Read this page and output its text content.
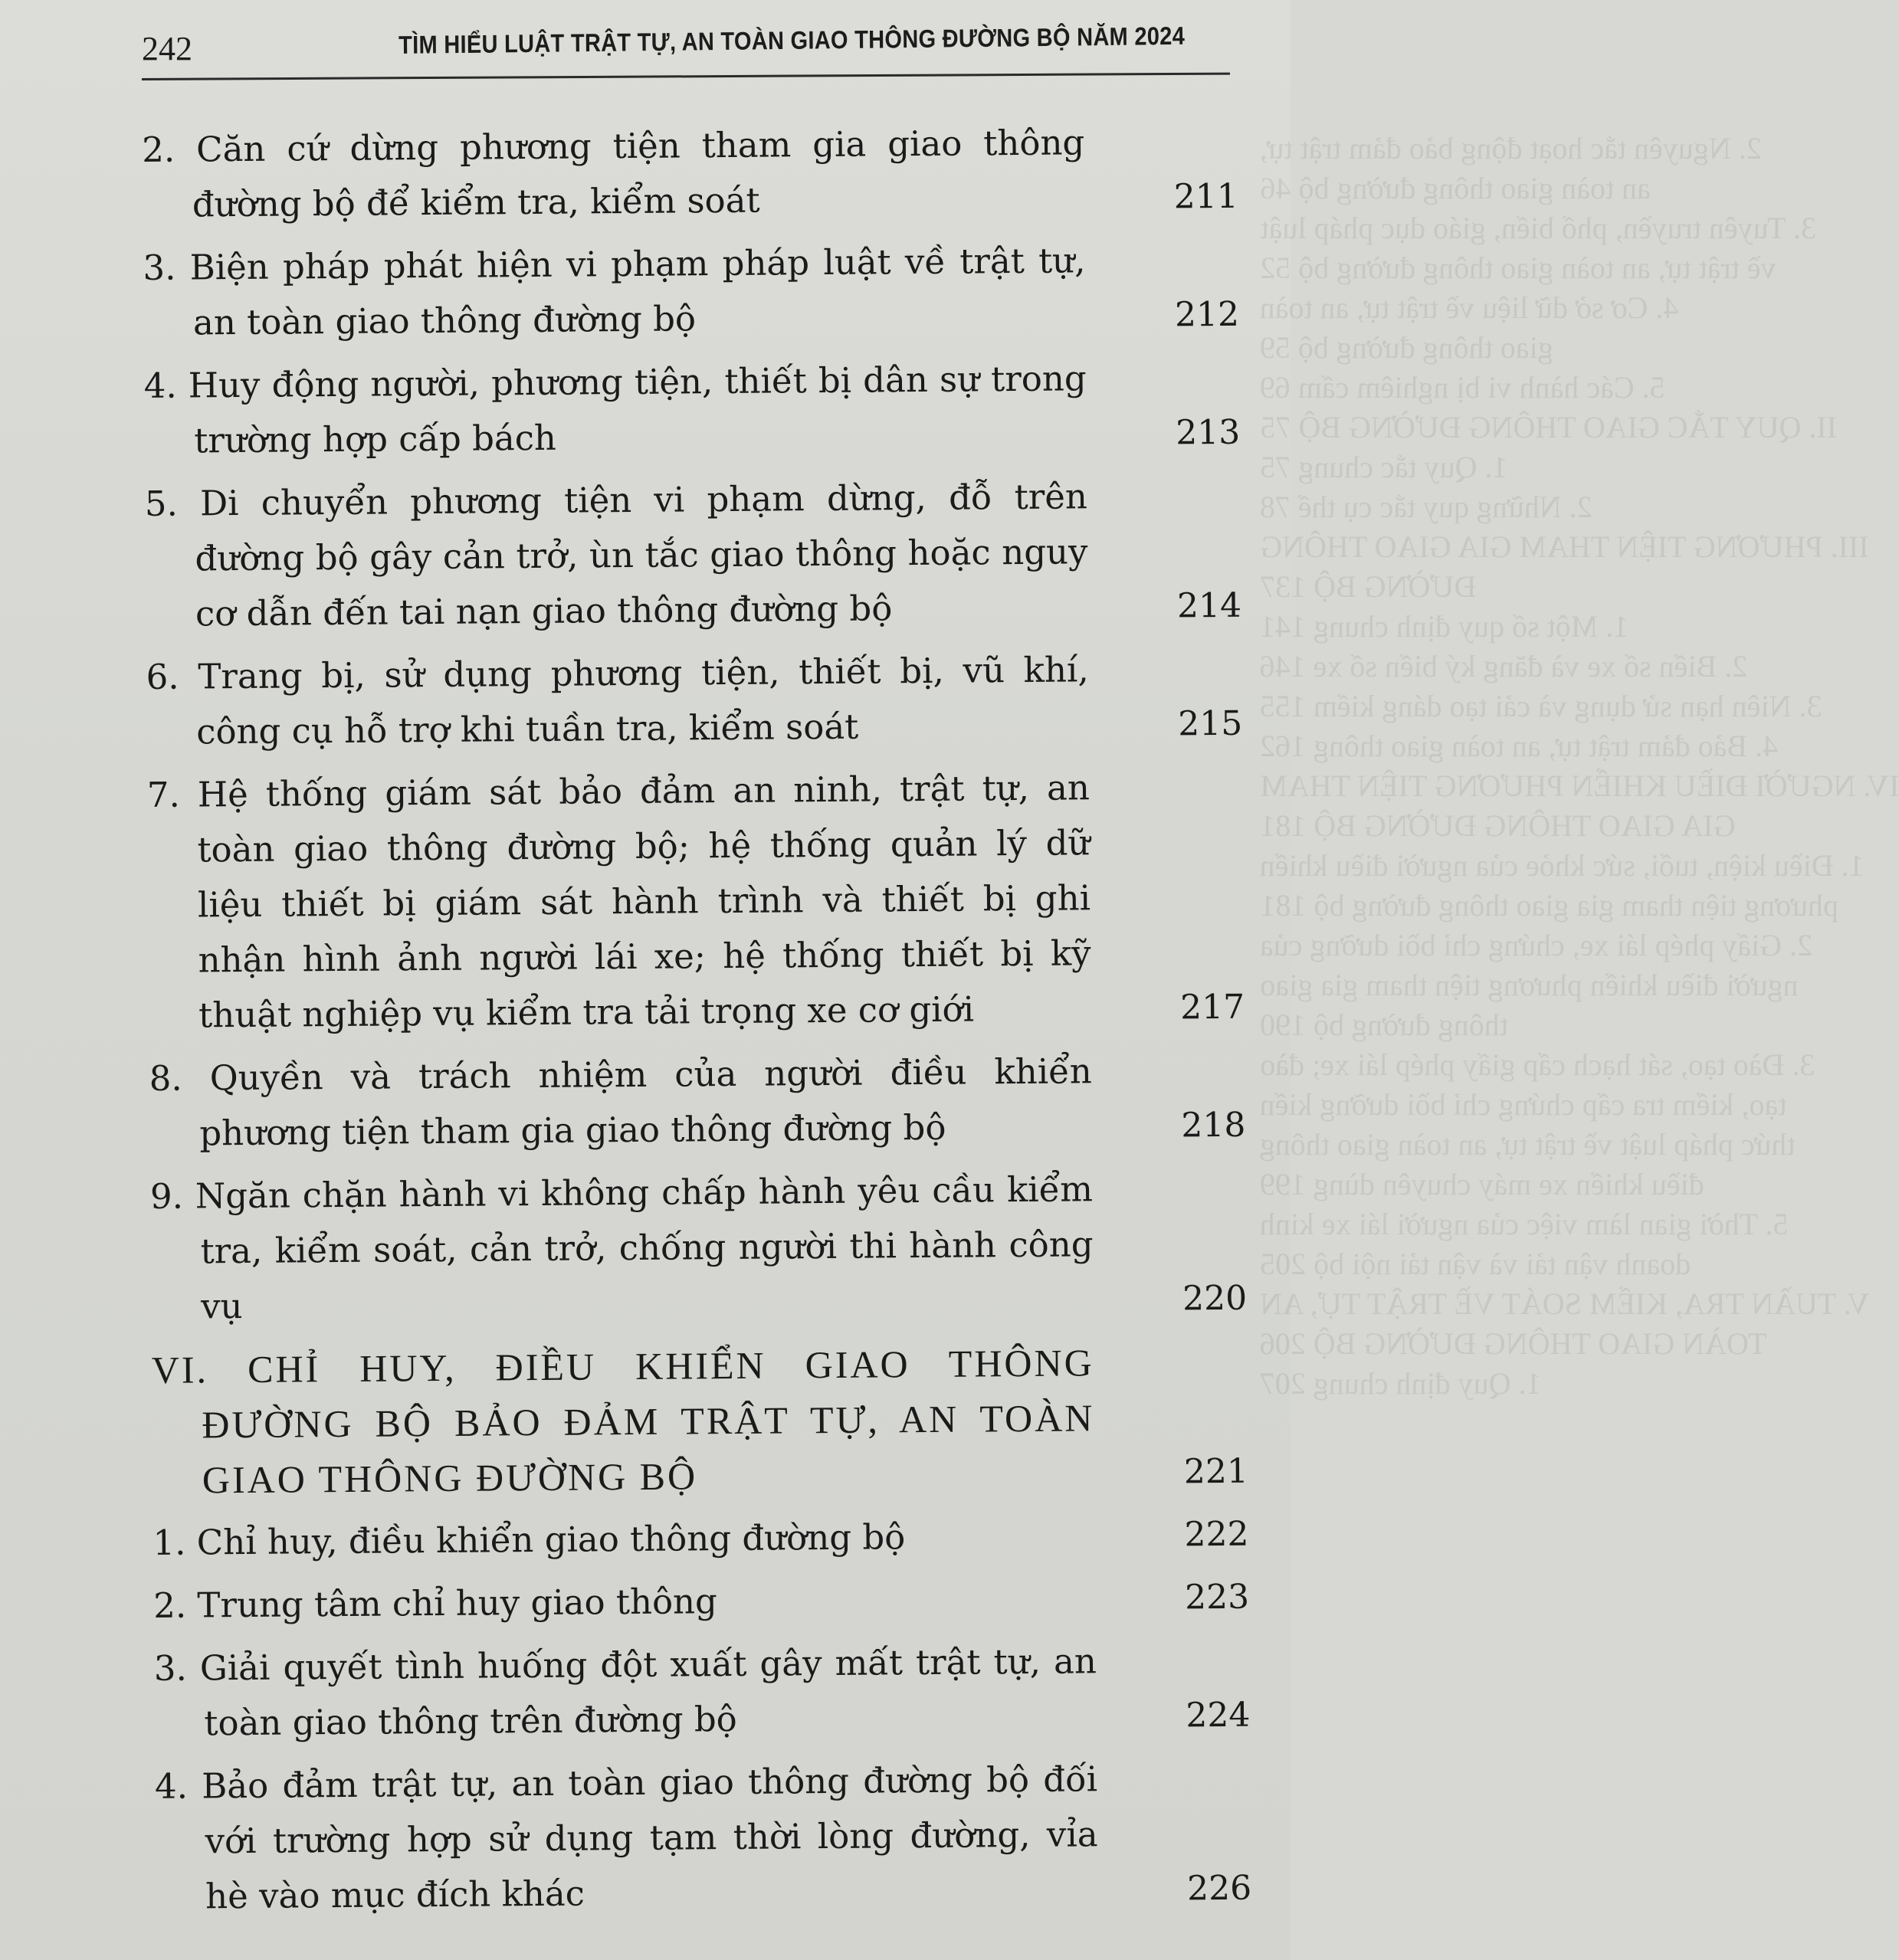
2. Nguyên tắc hoạt động bảo đảm trật tự,
an toàn giao thông đường bộ 46
3. Tuyên truyền, phổ biến, giáo dục pháp luật
về trật tự, an toàn giao thông đường bộ 52
4. Cơ sở dữ liệu về trật tự, an toàn
giao thông đường bộ 59
5. Các hành vi bị nghiêm cấm 69
II. QUY TẮC GIAO THÔNG ĐƯỜNG BỘ 75
1. Quy tắc chung 75
2. Những quy tắc cụ thể 78
III. PHƯƠNG TIỆN THAM GIA GIAO THÔNG
ĐƯỜNG BỘ 137
1. Một số quy định chung 141
2. Biển số xe và đăng ký biển số xe 146
3. Niên hạn sử dụng và cải tạo dáng kiểm 155
4. Bảo đảm trật tự, an toàn giao thông 162
IV. NGƯỜI ĐIỀU KHIỂN PHƯƠNG TIỆN THAM
GIA GIAO THÔNG ĐƯỜNG BỘ 181
1. Điều kiện, tuổi, sức khỏe của người điều khiển
phương tiện tham gia giao thông đường bộ 181
2. Giấy phép lái xe, chứng chỉ bồi dưỡng của
người điều khiển phương tiện tham gia giao
thông đường bộ 190
3. Đào tạo, sát hạch cấp giấy phép lái xe; đào
tạo, kiểm tra cấp chứng chỉ bồi dưỡng kiến
thức pháp luật về trật tự, an toàn giao thông
điều khiển xe máy chuyên dùng 199
5. Thời gian làm việc của người lái xe kinh
doanh vận tải và vận tải nội bộ 205
V. TUẦN TRA, KIỂM SOÁT VỀ TRẬT TỰ, AN
TOÀN GIAO THÔNG ĐƯỜNG BỘ 206
1. Quy định chung 207
242	TÌM HIỂU LUẬT TRẬT TỰ, AN TOÀN GIAO THÔNG ĐƯỜNG BỘ NĂM 2024
2. Căn cứ dừng phương tiện tham gia giao thông đường bộ để kiểm tra, kiểm soát	211
3. Biện pháp phát hiện vi phạm pháp luật về trật tự, an toàn giao thông đường bộ	212
4. Huy động người, phương tiện, thiết bị dân sự trong trường hợp cấp bách	213
5. Di chuyển phương tiện vi phạm dừng, đỗ trên đường bộ gây cản trở, ùn tắc giao thông hoặc nguy cơ dẫn đến tai nạn giao thông đường bộ	214
6. Trang bị, sử dụng phương tiện, thiết bị, vũ khí, công cụ hỗ trợ khi tuần tra, kiểm soát	215
7. Hệ thống giám sát bảo đảm an ninh, trật tự, an toàn giao thông đường bộ; hệ thống quản lý dữ liệu thiết bị giám sát hành trình và thiết bị ghi nhận hình ảnh người lái xe; hệ thống thiết bị kỹ thuật nghiệp vụ kiểm tra tải trọng xe cơ giới	217
8. Quyền và trách nhiệm của người điều khiển phương tiện tham gia giao thông đường bộ	218
9. Ngăn chặn hành vi không chấp hành yêu cầu kiểm tra, kiểm soát, cản trở, chống người thi hành công vụ	220
VI. CHỈ HUY, ĐIỀU KHIỂN GIAO THÔNG ĐƯỜNG BỘ BẢO ĐẢM TRẬT TỰ, AN TOÀN GIAO THÔNG ĐƯỜNG BỘ	221
1. Chỉ huy, điều khiển giao thông đường bộ	222
2. Trung tâm chỉ huy giao thông	223
3. Giải quyết tình huống đột xuất gây mất trật tự, an toàn giao thông trên đường bộ	224
4. Bảo đảm trật tự, an toàn giao thông đường bộ đối với trường hợp sử dụng tạm thời lòng đường, vỉa hè vào mục đích khác	226
